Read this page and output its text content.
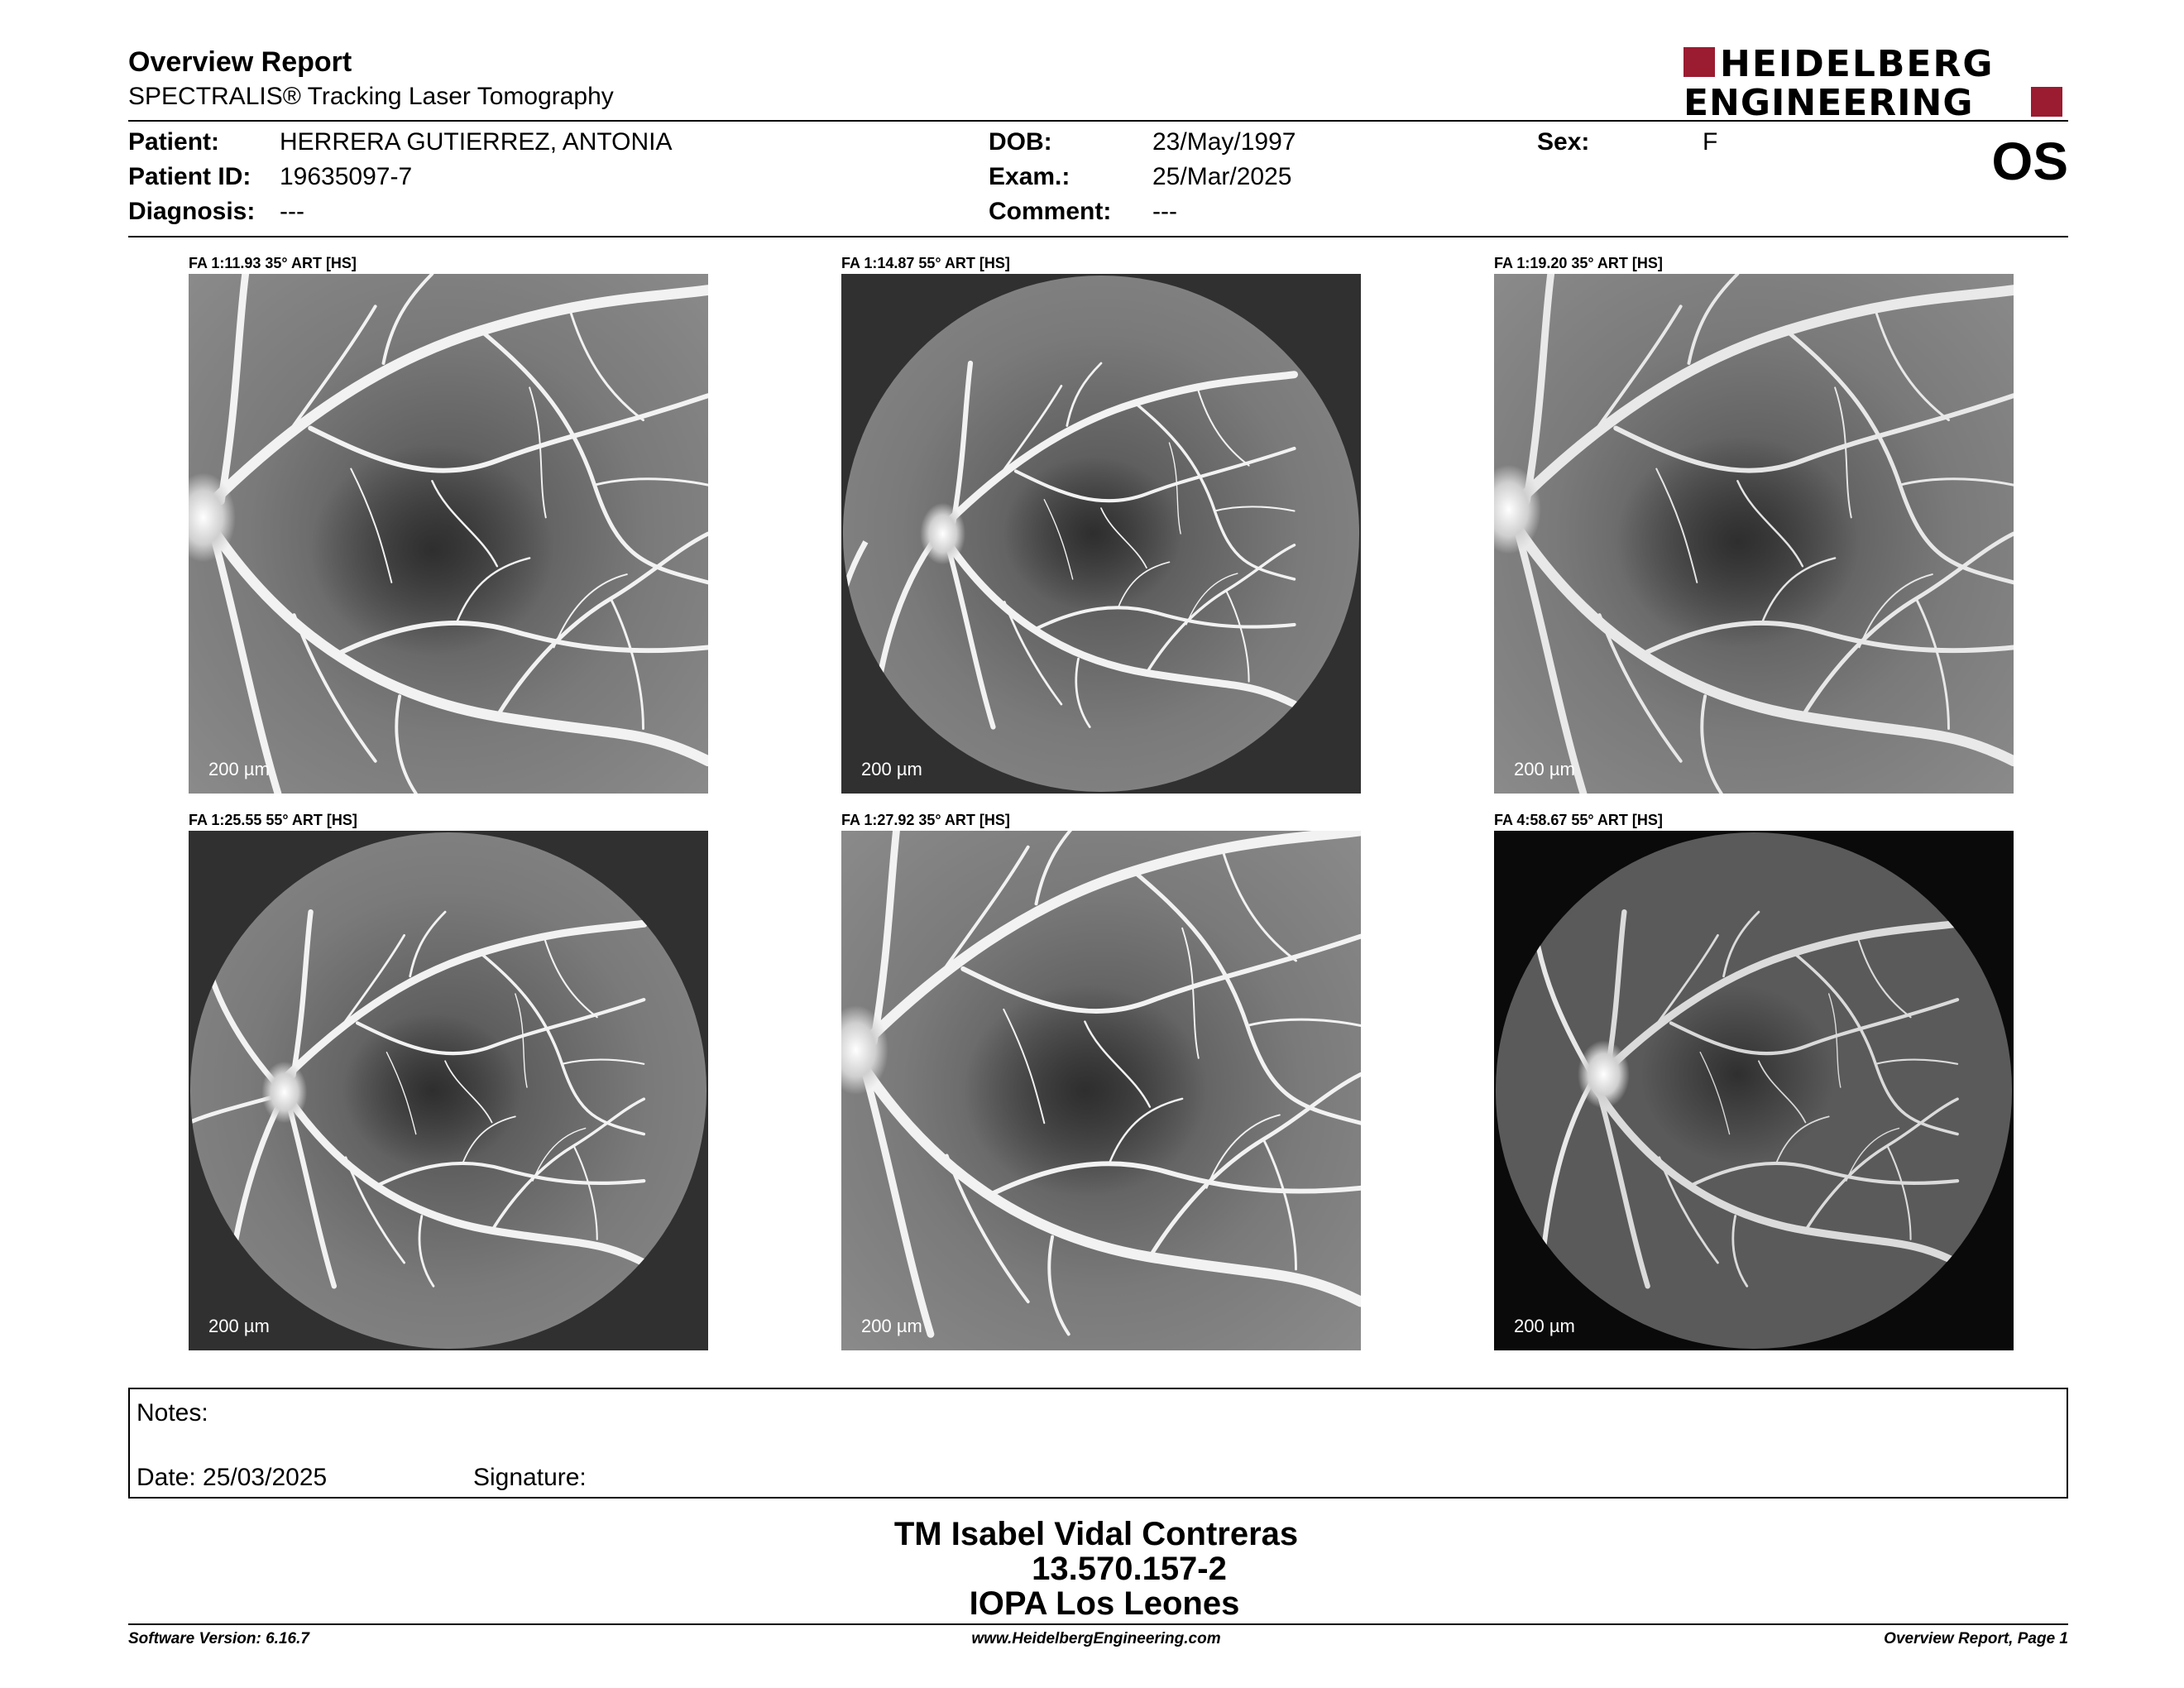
Overview Report
SPECTRALIS® Tracking Laser Tomography
HEIDELBERG
ENGINEERING
Patient: HERRERA GUTIERREZ, ANTONIA
Patient ID: 19635097-7
Diagnosis: ---
DOB:	23/May/1997
Exam.:	25/Mar/2025
Comment: ---
Sex:	F	OS
FA 1:11.93 35° ART [HS]
200 µm
FA 1:14.87 55° ART [HS]
200 µm
FA 1:19.20 35° ART [HS]
200 µm
FA 1:25.55 55° ART [HS]
200 µm
FA 1:27.92 35° ART [HS]
200 µm
FA 4:58.67 55° ART [HS]
200 µm
Notes:
Date: 25/03/2025	Signature:
TM Isabel Vidal Contreras
13.570.157-2
IOPA Los Leones
Software Version: 6.16.7	www.HeidelbergEngineering.com	Overview Report, Page 1
